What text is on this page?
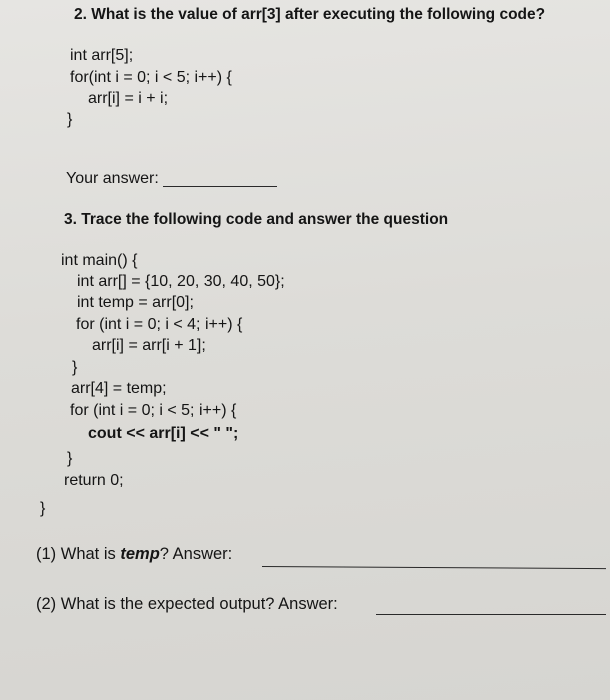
2. What is the value of arr[3] after executing the following code?
int arr[5];
for(int i = 0; i < 5; i++) {
arr[i] = i + i;
}
Your answer:
3. Trace the following code and answer the question
int main() {
int arr[] = {10, 20, 30, 40, 50};
int temp = arr[0];
for (int i = 0; i < 4; i++) {
arr[i] = arr[i + 1];
}
arr[4] = temp;
for (int i = 0; i < 5; i++) {
cout << arr[i] << " ";
}
return 0;
}
(1) What is temp? Answer:
(2) What is the expected output? Answer:
